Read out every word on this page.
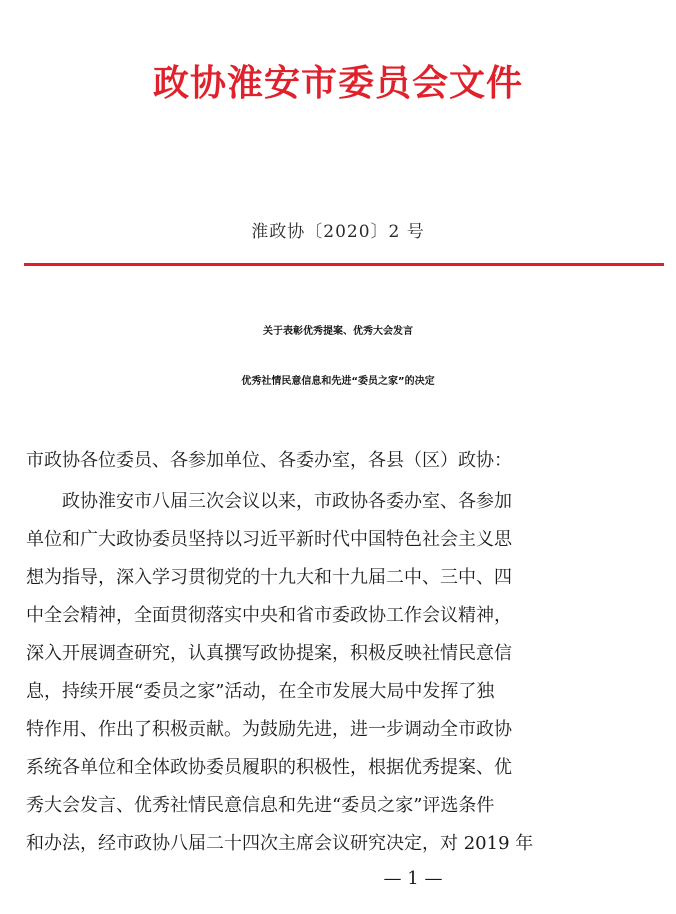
政协淮安市委员会文件
淮政协〔2020〕2 号
关于表彰优秀提案、优秀大会发言
优秀社情民意信息和先进“委员之家”的决定
市政协各位委员、各参加单位、各委办室，各县（区）政协：
　　政协淮安市八届三次会议以来，市政协各委办室、各参加
单位和广大政协委员坚持以习近平新时代中国特色社会主义思
想为指导，深入学习贯彻党的十九大和十九届二中、三中、四
中全会精神，全面贯彻落实中央和省市委政协工作会议精神，
深入开展调查研究，认真撰写政协提案，积极反映社情民意信
息，持续开展“委员之家”活动，在全市发展大局中发挥了独
特作用、作出了积极贡献。为鼓励先进，进一步调动全市政协
系统各单位和全体政协委员履职的积极性，根据优秀提案、优
秀大会发言、优秀社情民意信息和先进“委员之家”评选条件
和办法，经市政协八届二十四次主席会议研究决定，对 2019 年
— 1 —
